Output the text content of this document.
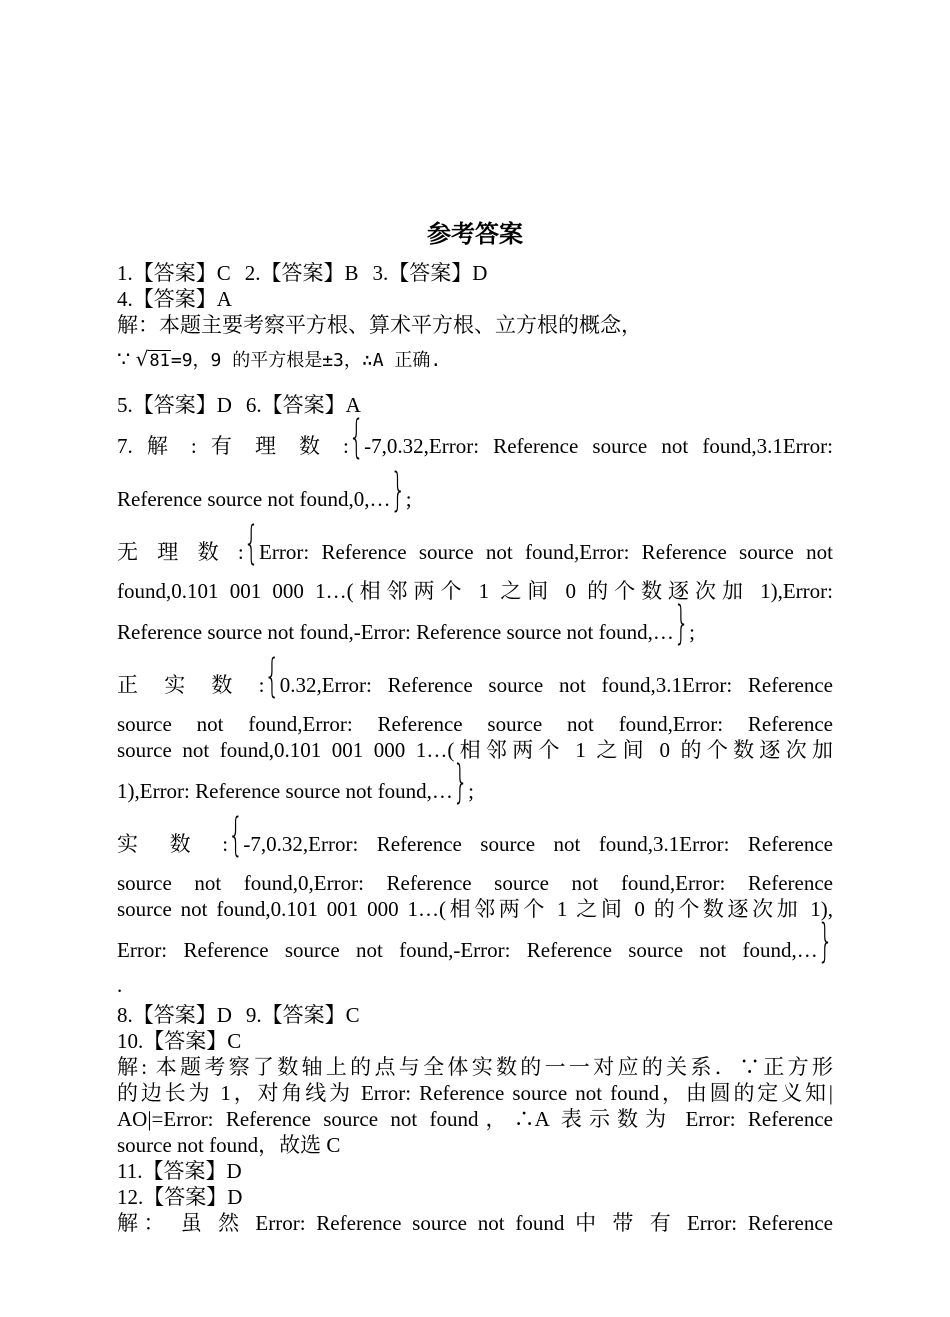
参考答案
1.【答案】C 2.【答案】B 3.【答案】D
4.【答案】A
解：本题主要考察平方根、算术平方根、立方根的概念，
∵ √81=9，9 的平方根是±3，∴A 正确.
5.【答案】D 6.【答案】A
7. 解 : 有 理 数 :{-7,0.32,Error: Reference source not found,3.1Error:
Reference source not found,0,…};
无 理 数 :{Error: Reference source not found,Error: Reference source not
found,0.101 001 000 1…(相邻两个 1 之间 0 的个数逐次加 1),Error:
Reference source not found,-Error: Reference source not found,…};
正 实 数 :{0.32,Error: Reference source not found,3.1Error: Reference
source not found,Error: Reference source not found,Error: Reference
source not found,0.101 001 000 1…(相邻两个 1 之间 0 的个数逐次加
1),Error: Reference source not found,…};
实 数 :{-7,0.32,Error: Reference source not found,3.1Error: Reference
source not found,0,Error: Reference source not found,Error: Reference
source not found,0.101 001 000 1…(相邻两个 1 之间 0 的个数逐次加 1),
Error: Reference source not found,-Error: Reference source not found,…}
.
8.【答案】D 9.【答案】C
10.【答案】C
解: 本题考察了数轴上的点与全体实数的一一对应的关系．∵正方形
的边长为 1，对角线为 Error: Reference source not found，由圆的定义知|
AO|=Error: Reference source not found，∴A 表示数为 Error: Reference
source not found，故选 C
11.【答案】D
12.【答案】D
解： 虽 然 Error: Reference source not found 中 带 有 Error: Reference
